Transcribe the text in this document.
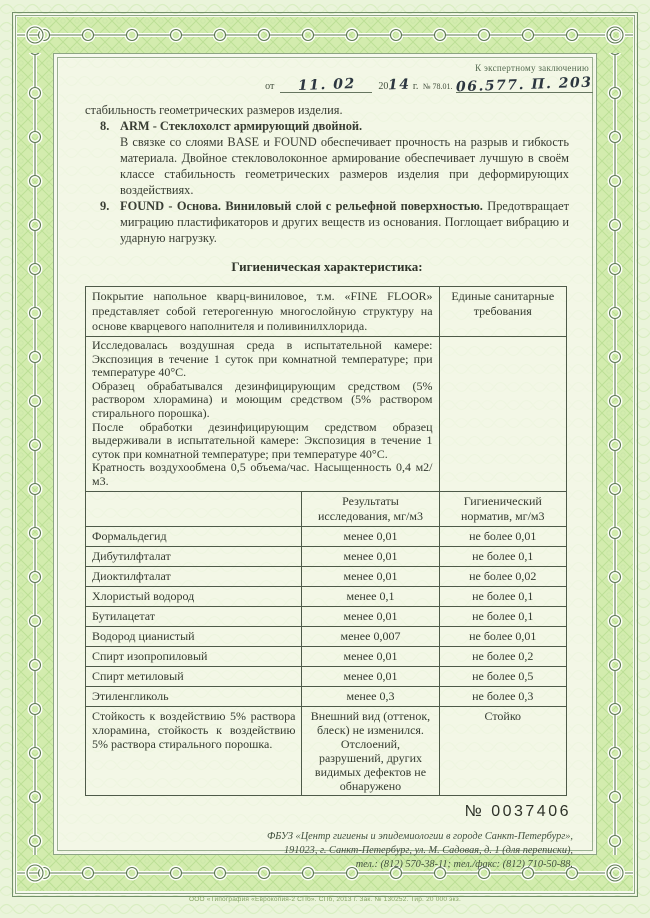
К экспертному заключению
от 11. 02 2014 г. № 78.01. 06.577. П. 203

стабильность геометрических размеров изделия.

8. ARM - Стеклохолст армирующий двойной.
В связке со слоями BASE и FOUND обеспечивает прочность на разрыв и гибкость материала. Двойное стекловолоконное армирование обеспечивает лучшую в своём классе стабильность геометрических размеров изделия при деформирующих воздействиях.
9. FOUND - Основа. Виниловый слой с рельефной поверхностью. Предотвращает миграцию пластификаторов и других веществ из основания. Поглощает вибрацию и ударную нагрузку.
Гигиеническая характеристика:
Покрытие напольное кварц-виниловое, т.м. «FINE FLOOR» представляет собой гетерогенную многослойную структуру на основе кварцевого наполнителя и поливинилхлорида.		Единые санитарные требования

Исследовалась воздушная среда в испытательной камере: Экспозиция в течение 1 суток при комнатной температуре; при температуре 40°С.
Образец обрабатывался дезинфицирующим средством (5% раствором хлорамина) и моющим средством (5% раствором стирального порошка).
После обработки дезинфицирующим средством образец выдерживали в испытательной камере: Экспозиция в течение 1 суток при комнатной температуре; при температуре 40°С.
Кратность воздухообмена 0,5 объема/час. Насыщенность 0,4 м2/м3.		

	Результаты исследования, мг/м3	Гигиенический норматив, мг/м3
Формальдегид	менее 0,01	не более 0,01
Дибутилфталат	менее 0,01	не более 0,1
Диоктилфталат	менее 0,01	не более 0,02
Хлористый водород	менее 0,1	не более 0,1
Бутилацетат	менее 0,01	не более 0,1
Водород цианистый	менее 0,007	не более 0,01
Спирт изопропиловый	менее 0,01	не более 0,2
Спирт метиловый	менее 0,01	не более 0,5
Этиленгликоль	менее 0,3	не более 0,3
Стойкость к воздействию 5% раствора хлорамина, стойкость к воздействию 5% раствора стирального порошка.	Внешний вид (оттенок, блеск) не изменился. Отслоений, разрушений, других видимых дефектов не обнаружено	Стойко
№ 0037406
ФБУЗ «Центр гигиены и эпидемиологии в городе Санкт-Петербург»,
191023, г. Санкт-Петербург, ул. М. Садовая, д. 1 (для переписки),
тел.: (812) 570-38-11; тел./факс: (812) 710-50-88.
ООО «Типография «Еврокопия-2 СПб». СПб, 2013 г. Зак. № 130252. Тир. 20 000 экз.
